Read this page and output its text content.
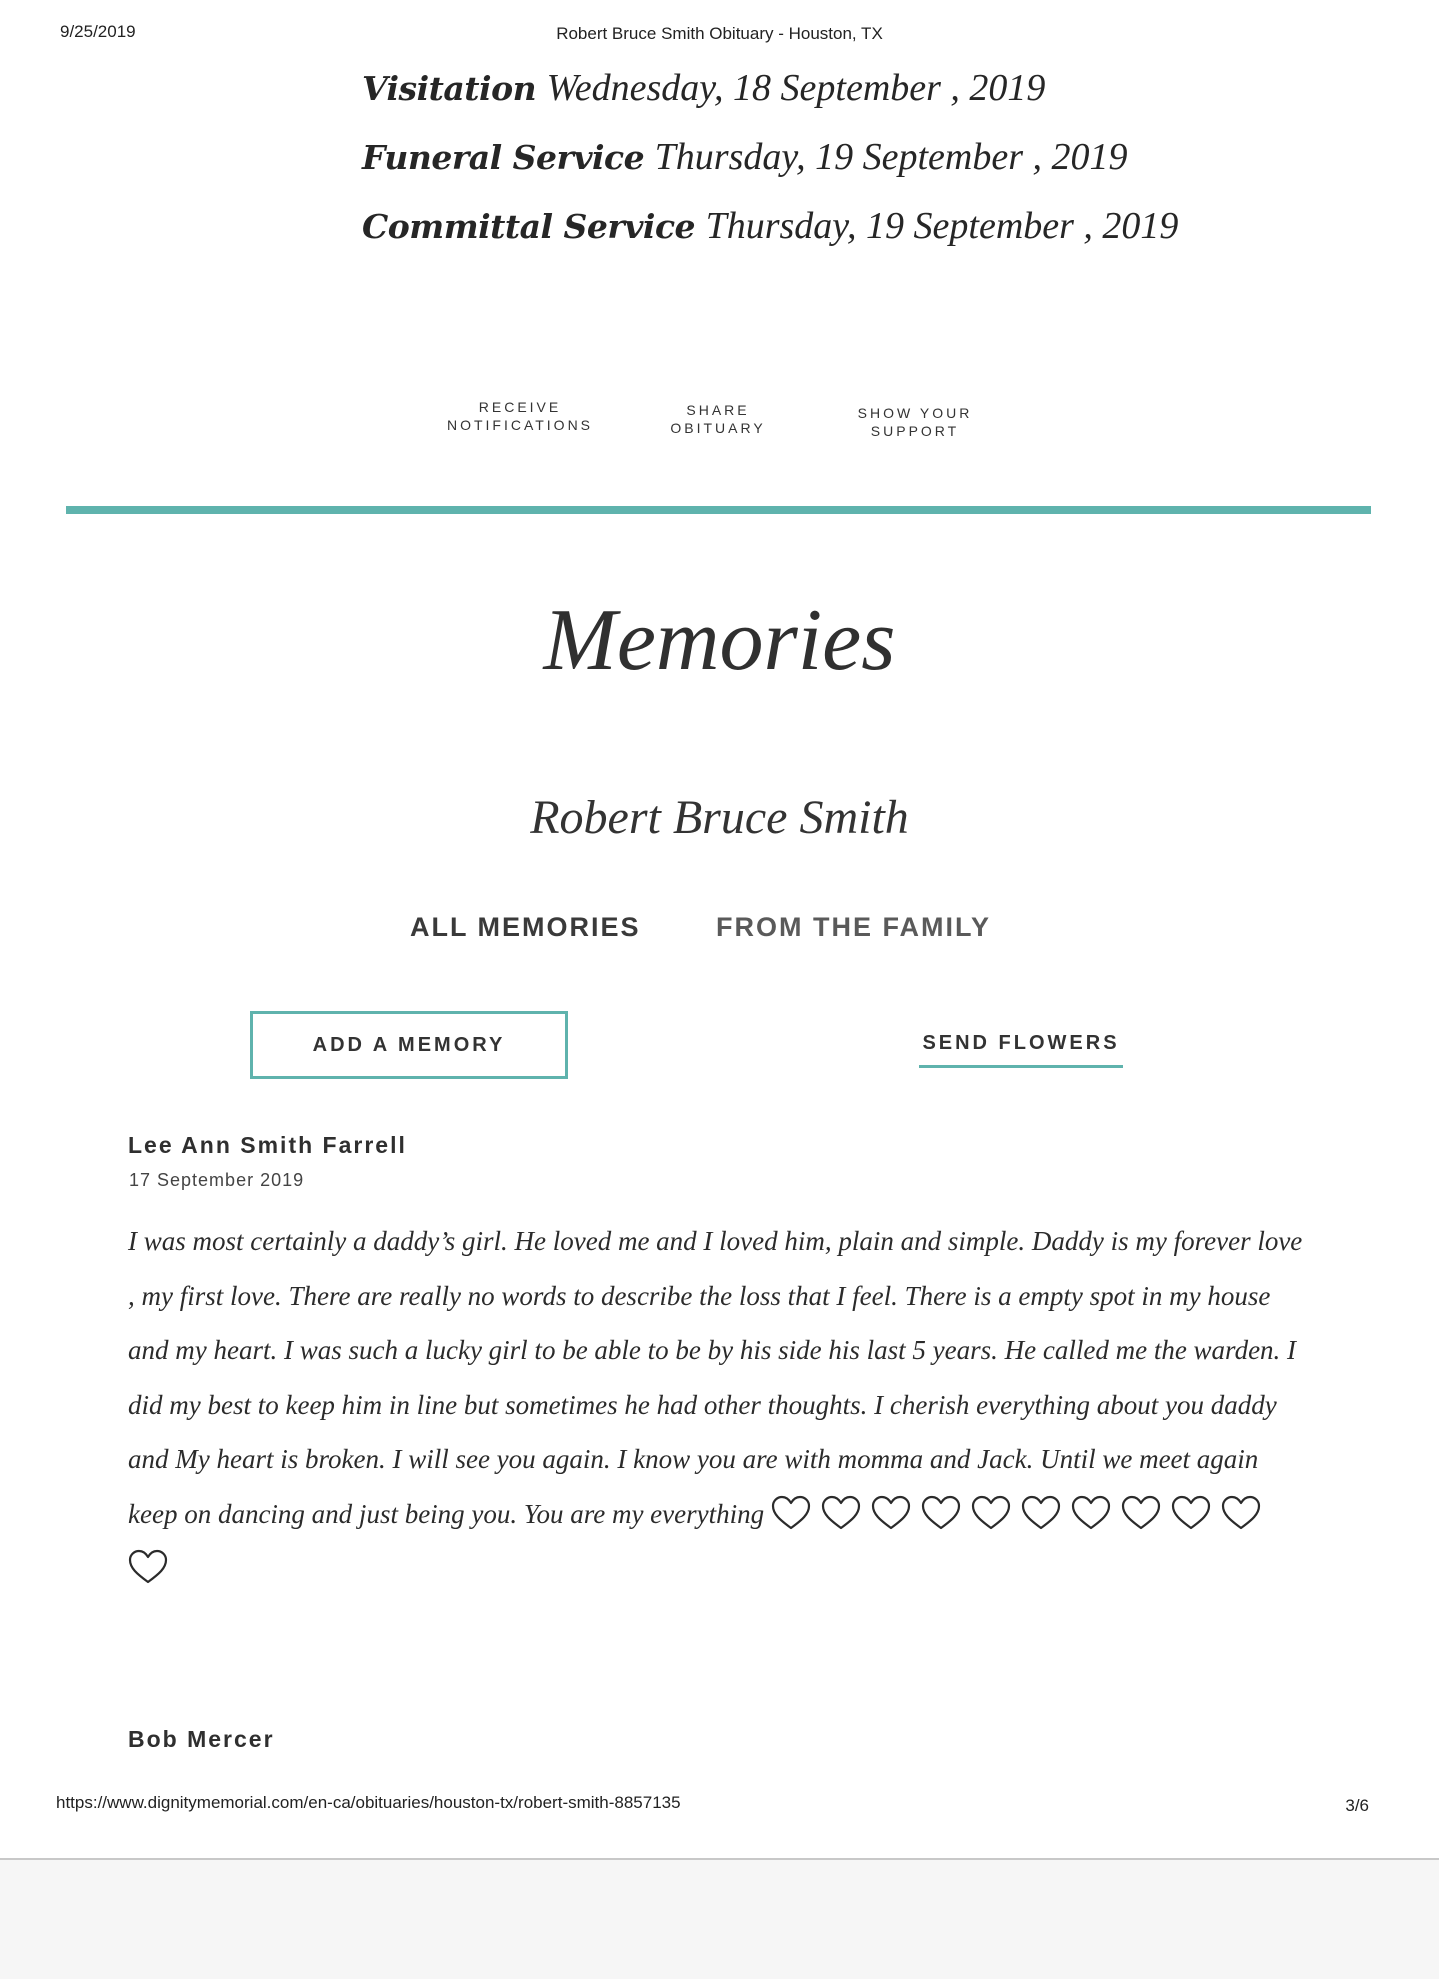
9/25/2019	Robert Bruce Smith Obituary - Houston, TX
Visitation Wednesday, 18 September , 2019
Funeral Service Thursday, 19 September , 2019
Committal Service Thursday, 19 September , 2019
RECEIVE
NOTIFICATIONS
SHARE
OBITUARY
SHOW YOUR
SUPPORT
Memories
Robert Bruce Smith
ALL MEMORIES	FROM THE FAMILY
ADD A MEMORY	SEND FLOWERS
Lee Ann Smith Farrell
17 September 2019
I was most certainly a daddy’s girl. He loved me and I loved him, plain and simple. Daddy is my forever love , my first love. There are really no words to describe the loss that I feel. There is a empty spot in my house and my heart. I was such a lucky girl to be able to be by his side his last 5 years. He called me the warden. I did my best to keep him in line but sometimes he had other thoughts. I cherish everything about you daddy and My heart is broken. I will see you again. I know you are with momma and Jack. Until we meet again keep on dancing and just being you. You are my everything
Bob Mercer
https://www.dignitymemorial.com/en-ca/obituaries/houston-tx/robert-smith-8857135	3/6
